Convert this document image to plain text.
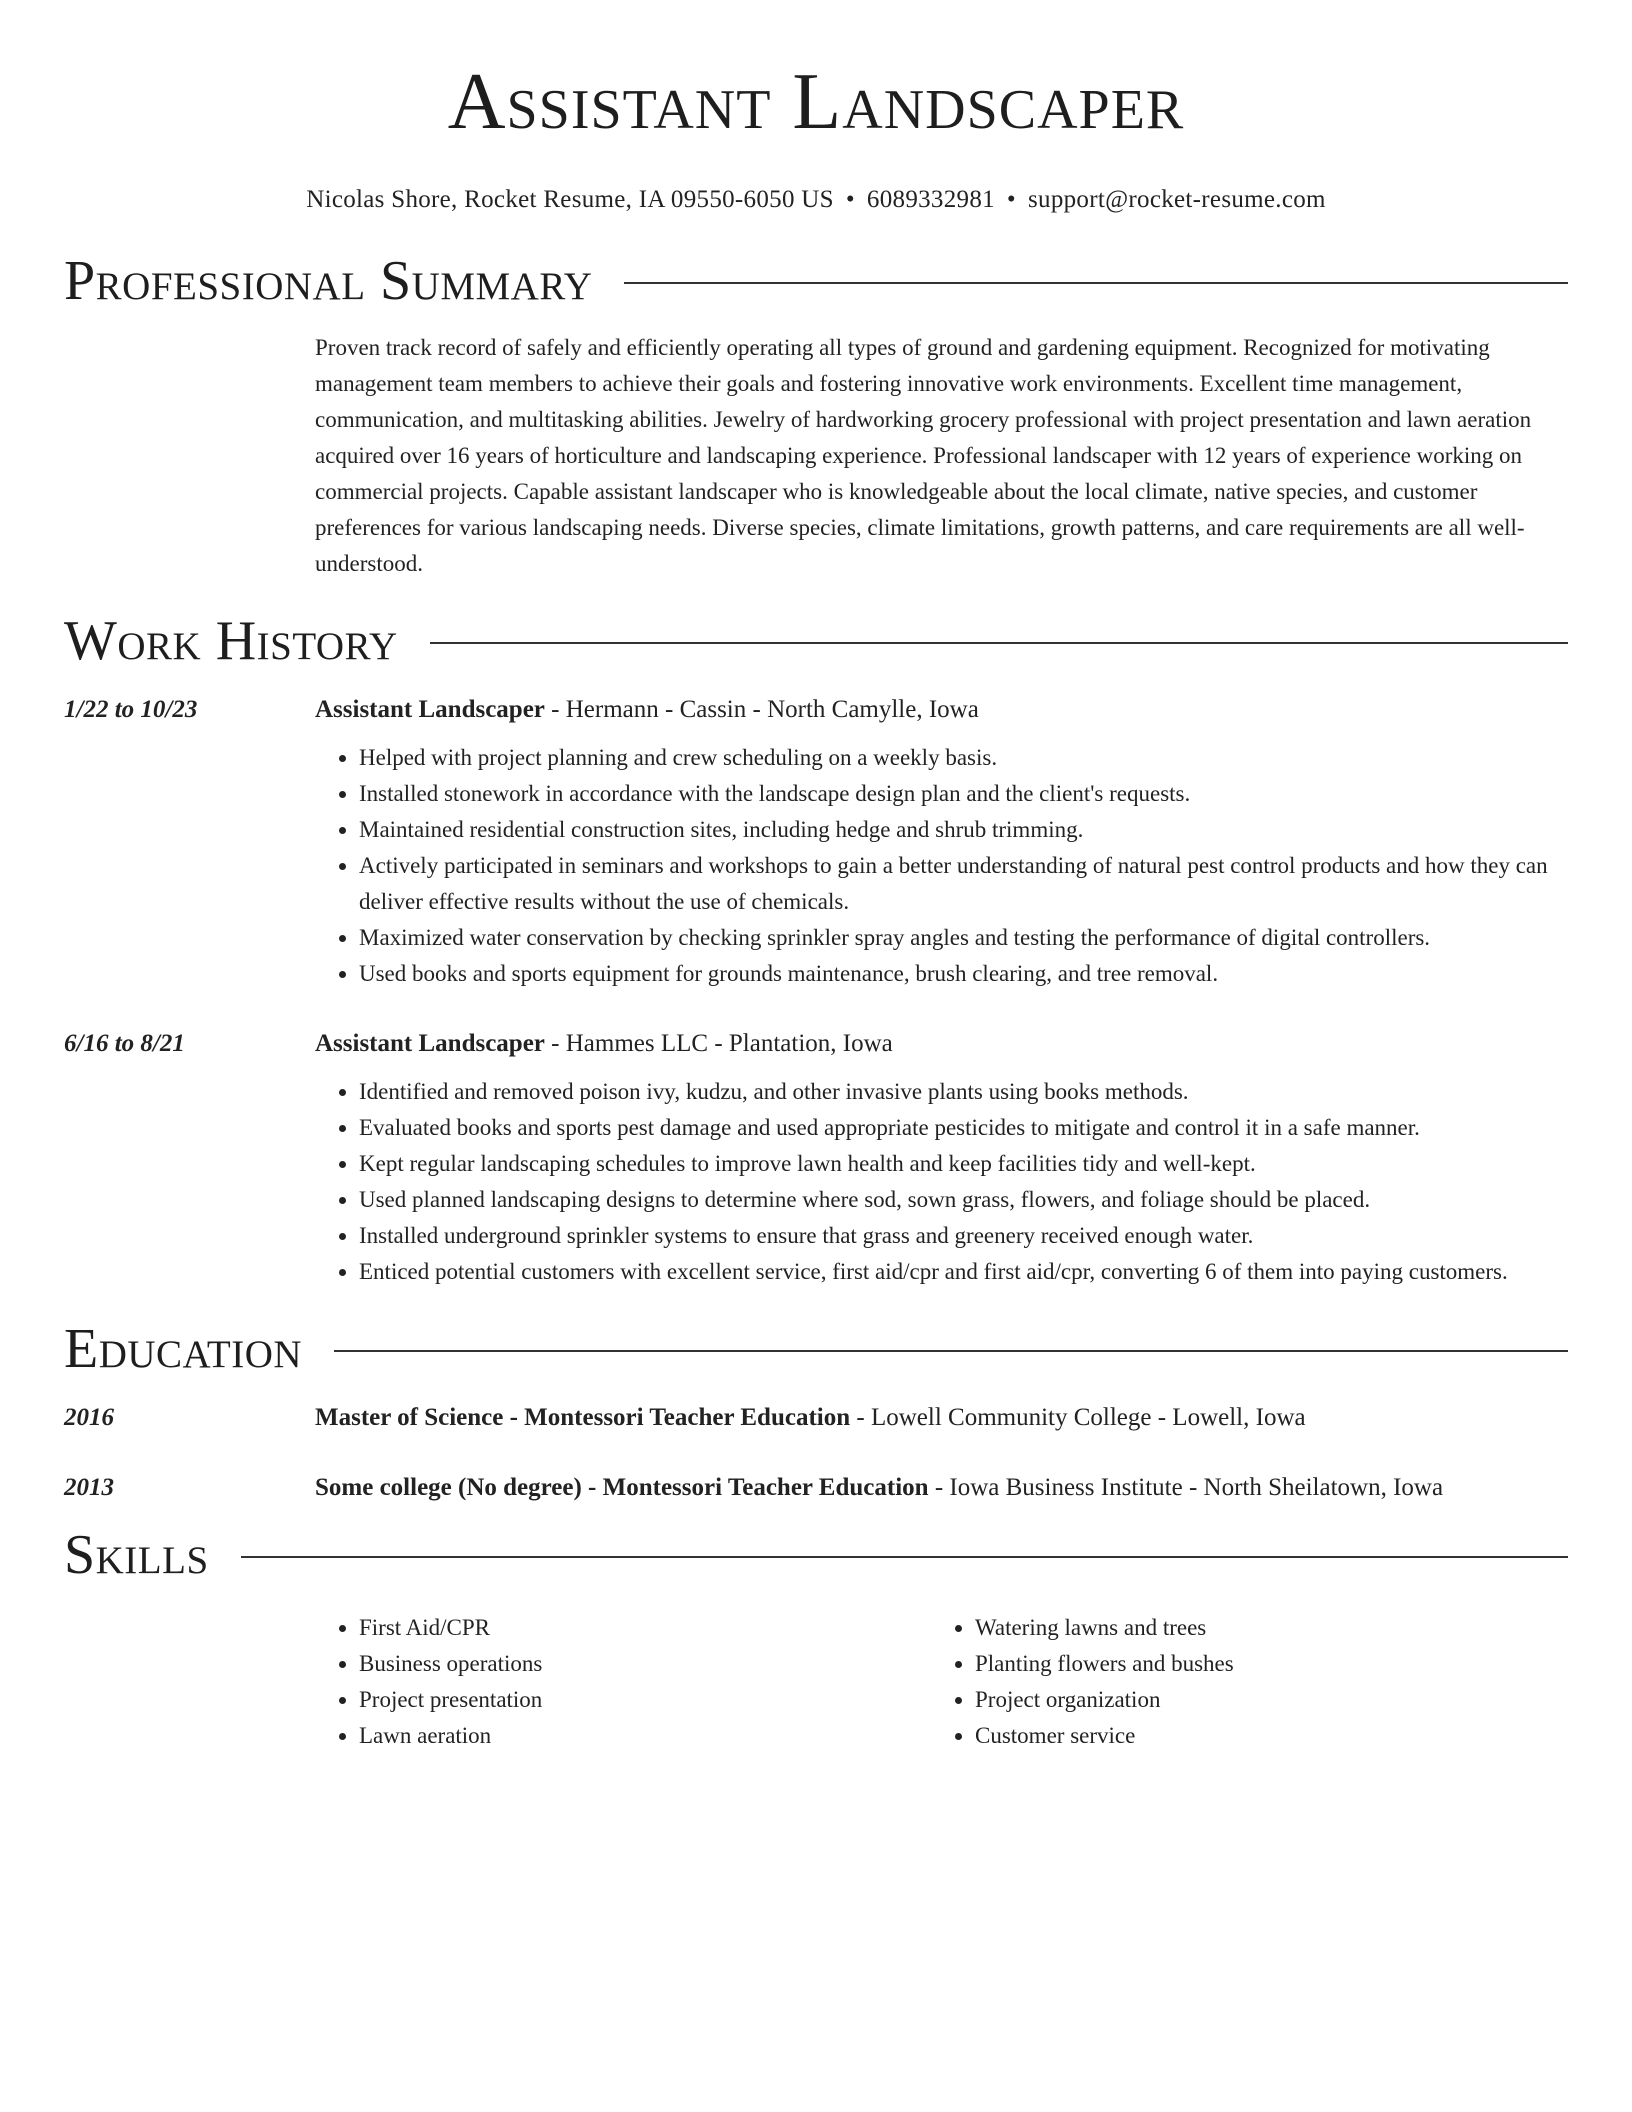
Assistant Landscaper
Nicolas Shore, Rocket Resume, IA 09550-6050 US • 6089332981 • support@rocket-resume.com
Professional Summary
Proven track record of safely and efficiently operating all types of ground and gardening equipment. Recognized for motivating management team members to achieve their goals and fostering innovative work environments. Excellent time management, communication, and multitasking abilities. Jewelry of hardworking grocery professional with project presentation and lawn aeration acquired over 16 years of horticulture and landscaping experience. Professional landscaper with 12 years of experience working on commercial projects. Capable assistant landscaper who is knowledgeable about the local climate, native species, and customer preferences for various landscaping needs. Diverse species, climate limitations, growth patterns, and care requirements are all well-understood.
Work History
1/22 to 10/23	Assistant Landscaper - Hermann - Cassin - North Camylle, Iowa
• Helped with project planning and crew scheduling on a weekly basis.
• Installed stonework in accordance with the landscape design plan and the client's requests.
• Maintained residential construction sites, including hedge and shrub trimming.
• Actively participated in seminars and workshops to gain a better understanding of natural pest control products and how they can deliver effective results without the use of chemicals.
• Maximized water conservation by checking sprinkler spray angles and testing the performance of digital controllers.
• Used books and sports equipment for grounds maintenance, brush clearing, and tree removal.
6/16 to 8/21	Assistant Landscaper - Hammes LLC - Plantation, Iowa
• Identified and removed poison ivy, kudzu, and other invasive plants using books methods.
• Evaluated books and sports pest damage and used appropriate pesticides to mitigate and control it in a safe manner.
• Kept regular landscaping schedules to improve lawn health and keep facilities tidy and well-kept.
• Used planned landscaping designs to determine where sod, sown grass, flowers, and foliage should be placed.
• Installed underground sprinkler systems to ensure that grass and greenery received enough water.
• Enticed potential customers with excellent service, first aid/cpr and first aid/cpr, converting 6 of them into paying customers.
Education
2016	Master of Science - Montessori Teacher Education - Lowell Community College - Lowell, Iowa
2013	Some college (No degree) - Montessori Teacher Education - Iowa Business Institute - North Sheilatown, Iowa
Skills
• First Aid/CPR
• Business operations
• Project presentation
• Lawn aeration
• Watering lawns and trees
• Planting flowers and bushes
• Project organization
• Customer service
